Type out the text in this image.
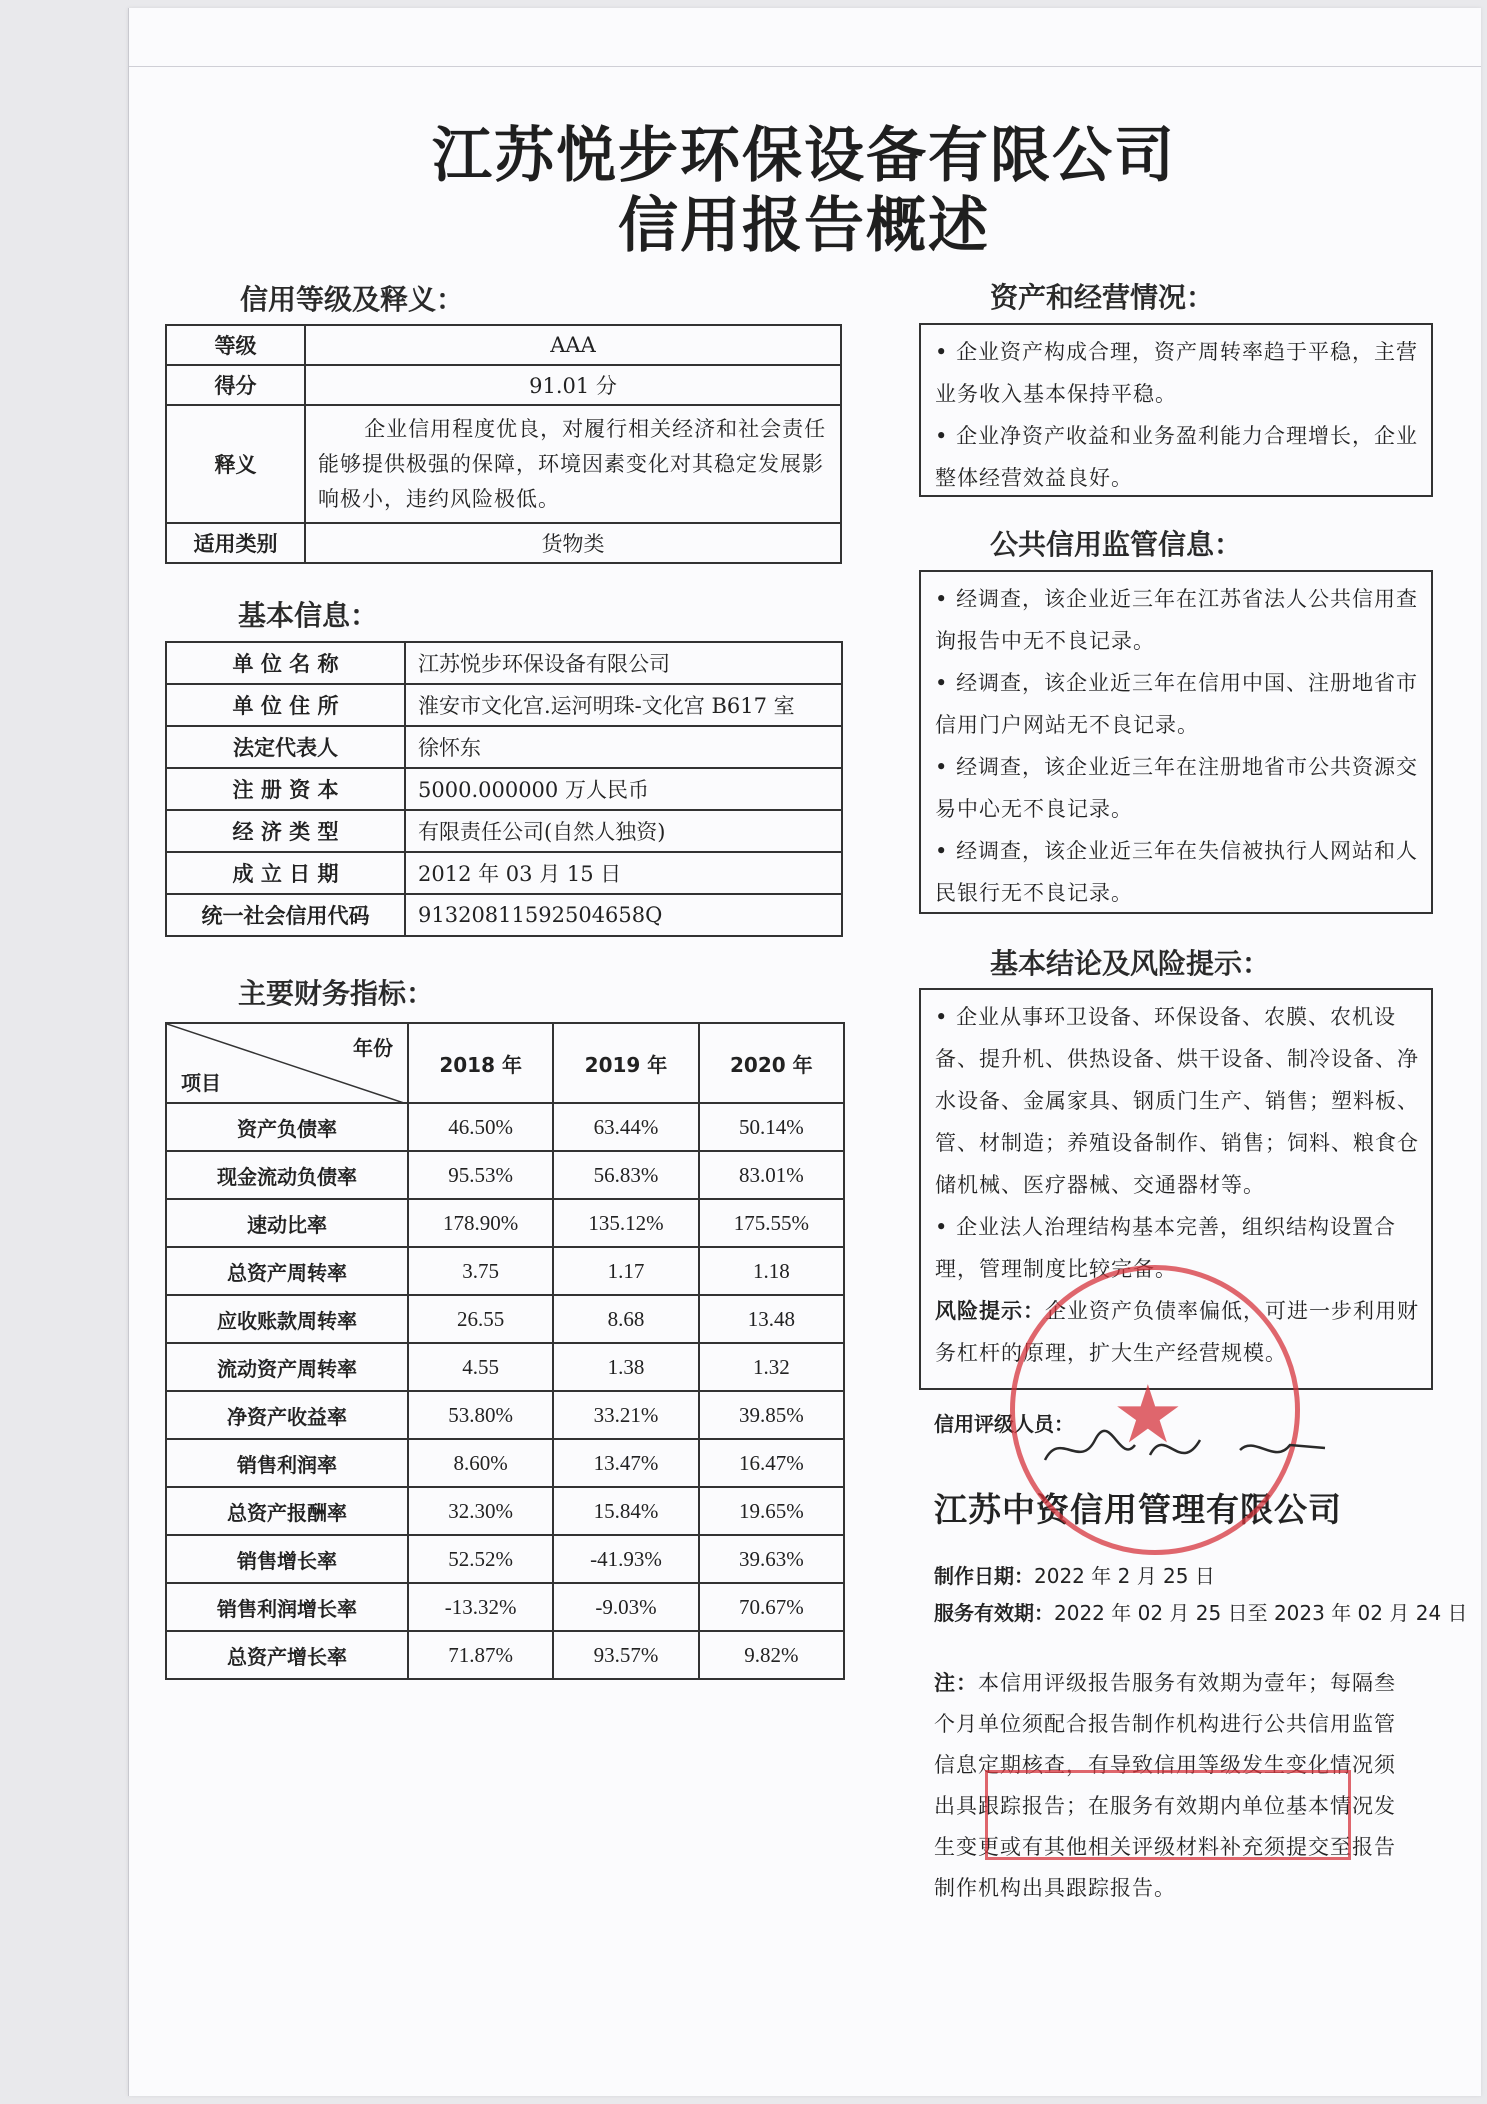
江苏悦步环保设备有限公司
信用报告概述
信用等级及释义：
等级	AAA
得分	91.01 分
释义	企业信用程度优良，对履行相关经济和社会责任能够提供极强的保障，环境因素变化对其稳定发展影响极小，违约风险极低。
适用类别	货物类
基本信息：
单 位 名 称	江苏悦步环保设备有限公司
单 位 住 所	淮安市文化宫.运河明珠-文化宫 B617 室
法定代表人	徐怀东
注 册 资 本	5000.000000 万人民币
经 济 类 型	有限责任公司(自然人独资)
成 立 日 期	2012 年 03 月 15 日
统一社会信用代码	91320811592504658Q
主要财务指标：
年份
项目	2018 年	2019 年	2020 年
资产负债率	46.50%	63.44%	50.14%
现金流动负债率	95.53%	56.83%	83.01%
速动比率	178.90%	135.12%	175.55%
总资产周转率	3.75	1.17	1.18
应收账款周转率	26.55	8.68	13.48
流动资产周转率	4.55	1.38	1.32
净资产收益率	53.80%	33.21%	39.85%
销售利润率	8.60%	13.47%	16.47%
总资产报酬率	32.30%	15.84%	19.65%
销售增长率	52.52%	-41.93%	39.63%
销售利润增长率	-13.32%	-9.03%	70.67%
总资产增长率	71.87%	93.57%	9.82%
资产和经营情况：

• 企业资产构成合理，资产周转率趋于平稳，主营业务收入基本保持平稳。

• 企业净资产收益和业务盈利能力合理增长，企业整体经营效益良好。

公共信用监管信息：

• 经调查，该企业近三年在江苏省法人公共信用查询报告中无不良记录。

• 经调查，该企业近三年在信用中国、注册地省市信用门户网站无不良记录。

• 经调查，该企业近三年在注册地省市公共资源交易中心无不良记录。

• 经调查，该企业近三年在失信被执行人网站和人民银行无不良记录。

基本结论及风险提示：

• 企业从事环卫设备、环保设备、农膜、农机设备、提升机、供热设备、烘干设备、制冷设备、净水设备、金属家具、钢质门生产、销售；塑料板、管、材制造；养殖设备制作、销售；饲料、粮食仓储机械、医疗器械、交通器材等。

• 企业法人治理结构基本完善，组织结构设置合理，管理制度比较完备。

风险提示：企业资产负债率偏低，可进一步利用财务杠杆的原理，扩大生产经营规模。

信用评级人员：
江苏中资信用管理有限公司
制作日期：2022 年 2 月 25 日
服务有效期：2022 年 02 月 25 日至 2023 年 02 月 24 日
注：本信用评级报告服务有效期为壹年；每隔叁个月单位须配合报告制作机构进行公共信用监管信息定期核查，有导致信用等级发生变化情况须出具跟踪报告；在服务有效期内单位基本情况发生变更或有其他相关评级材料补充须提交至报告制作机构出具跟踪报告。
★
